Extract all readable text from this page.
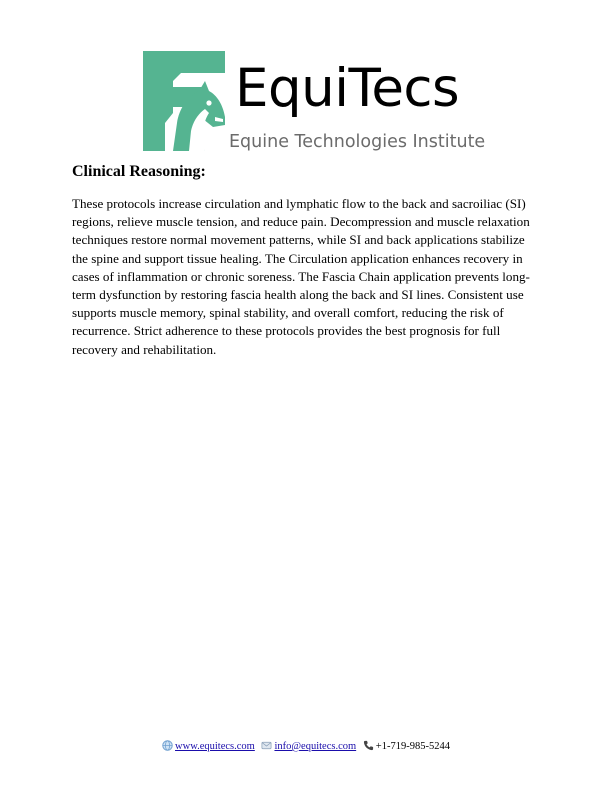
EquiTecs
Equine Technologies Institute
Clinical Reasoning:

These protocols increase circulation and lymphatic flow to the back and sacroiliac (SI) regions, relieve muscle tension, and reduce pain. Decompression and muscle relaxation techniques restore normal movement patterns, while SI and back applications stabilize the spine and support tissue healing. The Circulation application enhances recovery in cases of inflammation or chronic soreness. The Fascia Chain application prevents long-term dysfunction by restoring fascia health along the back and SI lines. Consistent use supports muscle memory, spinal stability, and overall comfort, reducing the risk of recurrence. Strict adherence to these protocols provides the best prognosis for full recovery and rehabilitation.

www.equitecs.com info@equitecs.com +1-719-985-5244
